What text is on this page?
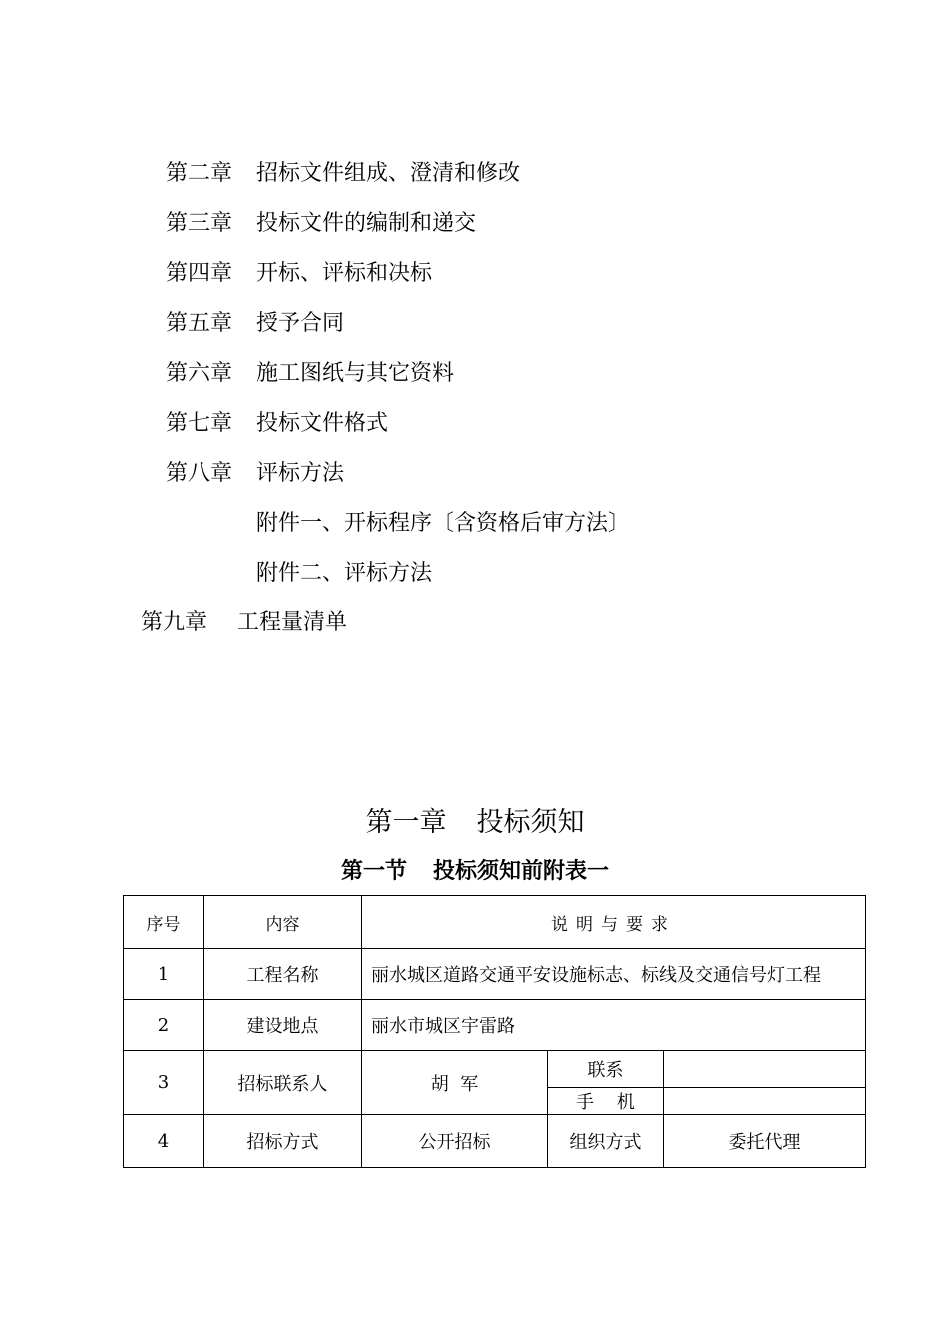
第二章 招标文件组成、澄清和修改
第三章 投标文件的编制和递交
第四章 开标、评标和决标
第五章 授予合同
第六章 施工图纸与其它资料
第七章 投标文件格式
第八章 评标方法
附件一、开标程序〔含资格后审方法〕
附件二、评标方法
第九章 工程量清单
第一章 投标须知
第一节 投标须知前附表一
序号	内容	说明与要求		
1	工程名称	丽水城区道路交通平安设施标志、标线及交通信号灯工程		
2	建设地点	丽水市城区宇雷路		
3	招标联系人	胡  军	联系	
			手    机	
4	招标方式	公开招标	组织方式	委托代理
